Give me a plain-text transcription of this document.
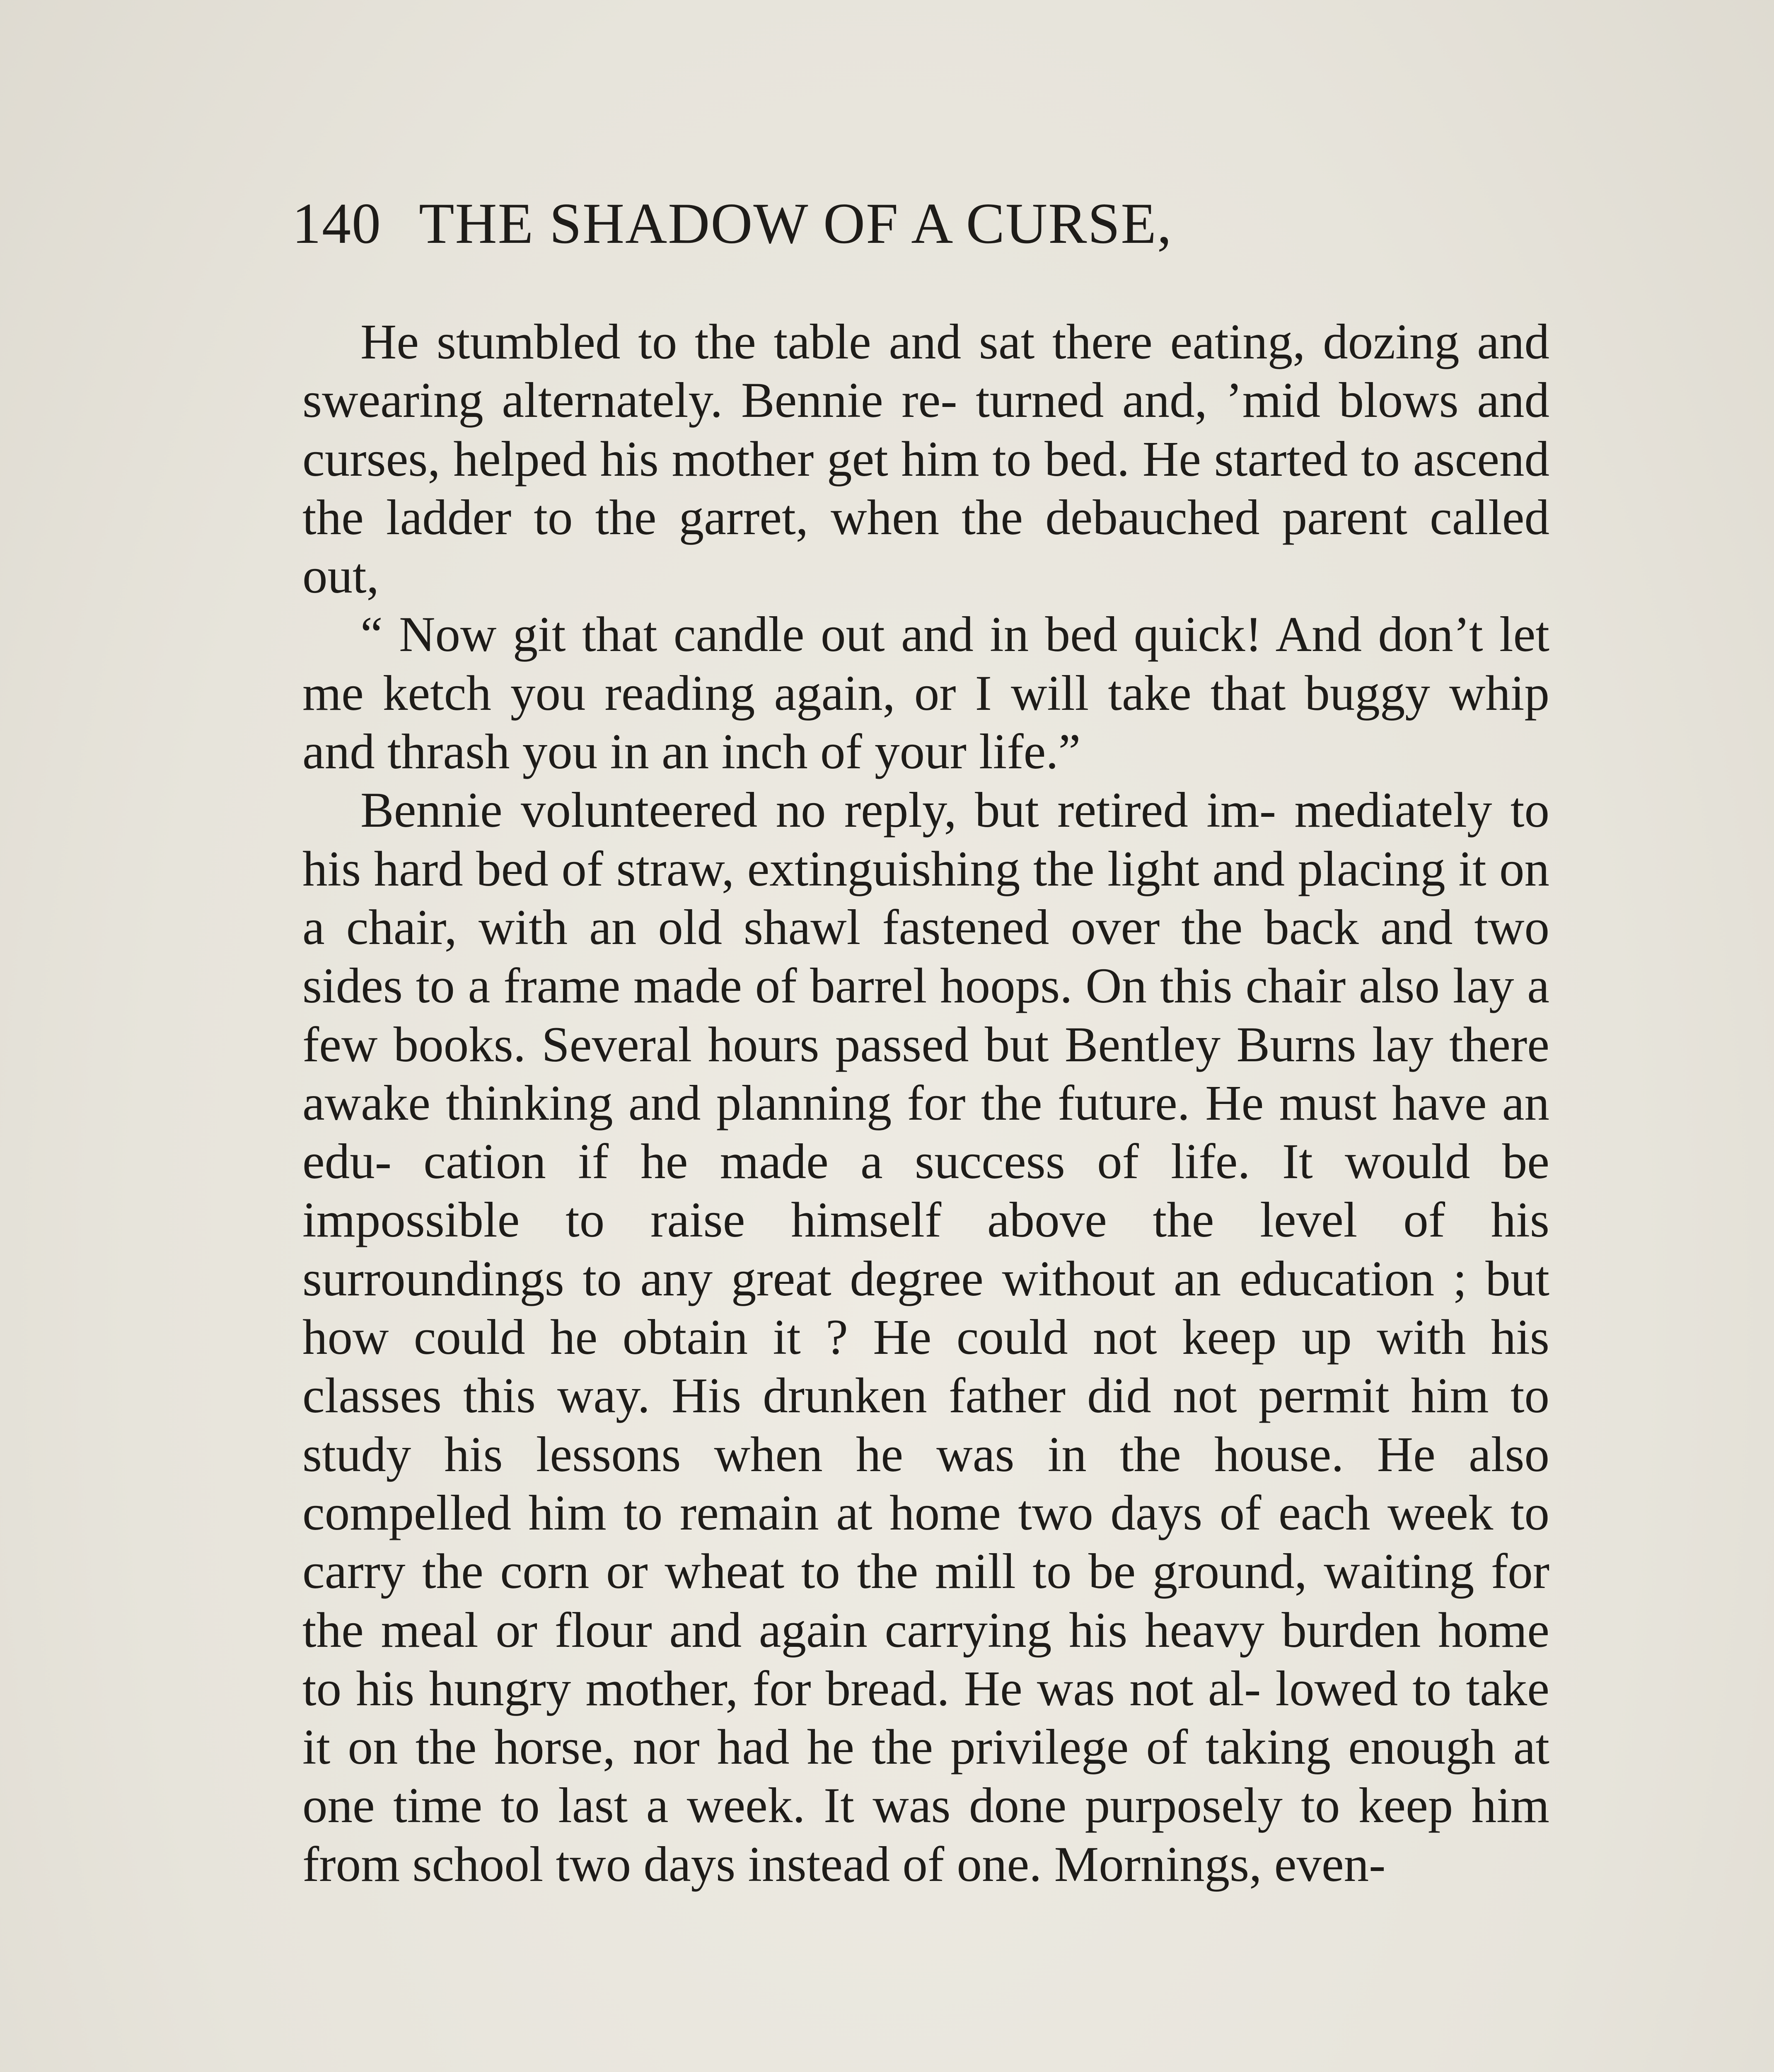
140 THE SHADOW OF A CURSE,

He stumbled to the table and sat there eating, dozing and swearing alternately. Bennie re- turned and, ’mid blows and curses, helped his mother get him to bed. He started to ascend the ladder to the garret, when the debauched parent called out,

“ Now git that candle out and in bed quick! And don’t let me ketch you reading again, or I will take that buggy whip and thrash you in an inch of your life.”

Bennie volunteered no reply, but retired im- mediately to his hard bed of straw, extinguishing the light and placing it on a chair, with an old shawl fastened over the back and two sides to a frame made of barrel hoops. On this chair also lay a few books. Several hours passed but Bentley Burns lay there awake thinking and planning for the future. He must have an edu- cation if he made a success of life. It would be impossible to raise himself above the level of his surroundings to any great degree without an education ; but how could he obtain it ? He could not keep up with his classes this way. His drunken father did not permit him to study his lessons when he was in the house. He also compelled him to remain at home two days of each week to carry the corn or wheat to the mill to be ground, waiting for the meal or flour and again carrying his heavy burden home to his hungry mother, for bread. He was not al- lowed to take it on the horse, nor had he the privilege of taking enough at one time to last a week. It was done purposely to keep him from school two days instead of one. Mornings, even-
